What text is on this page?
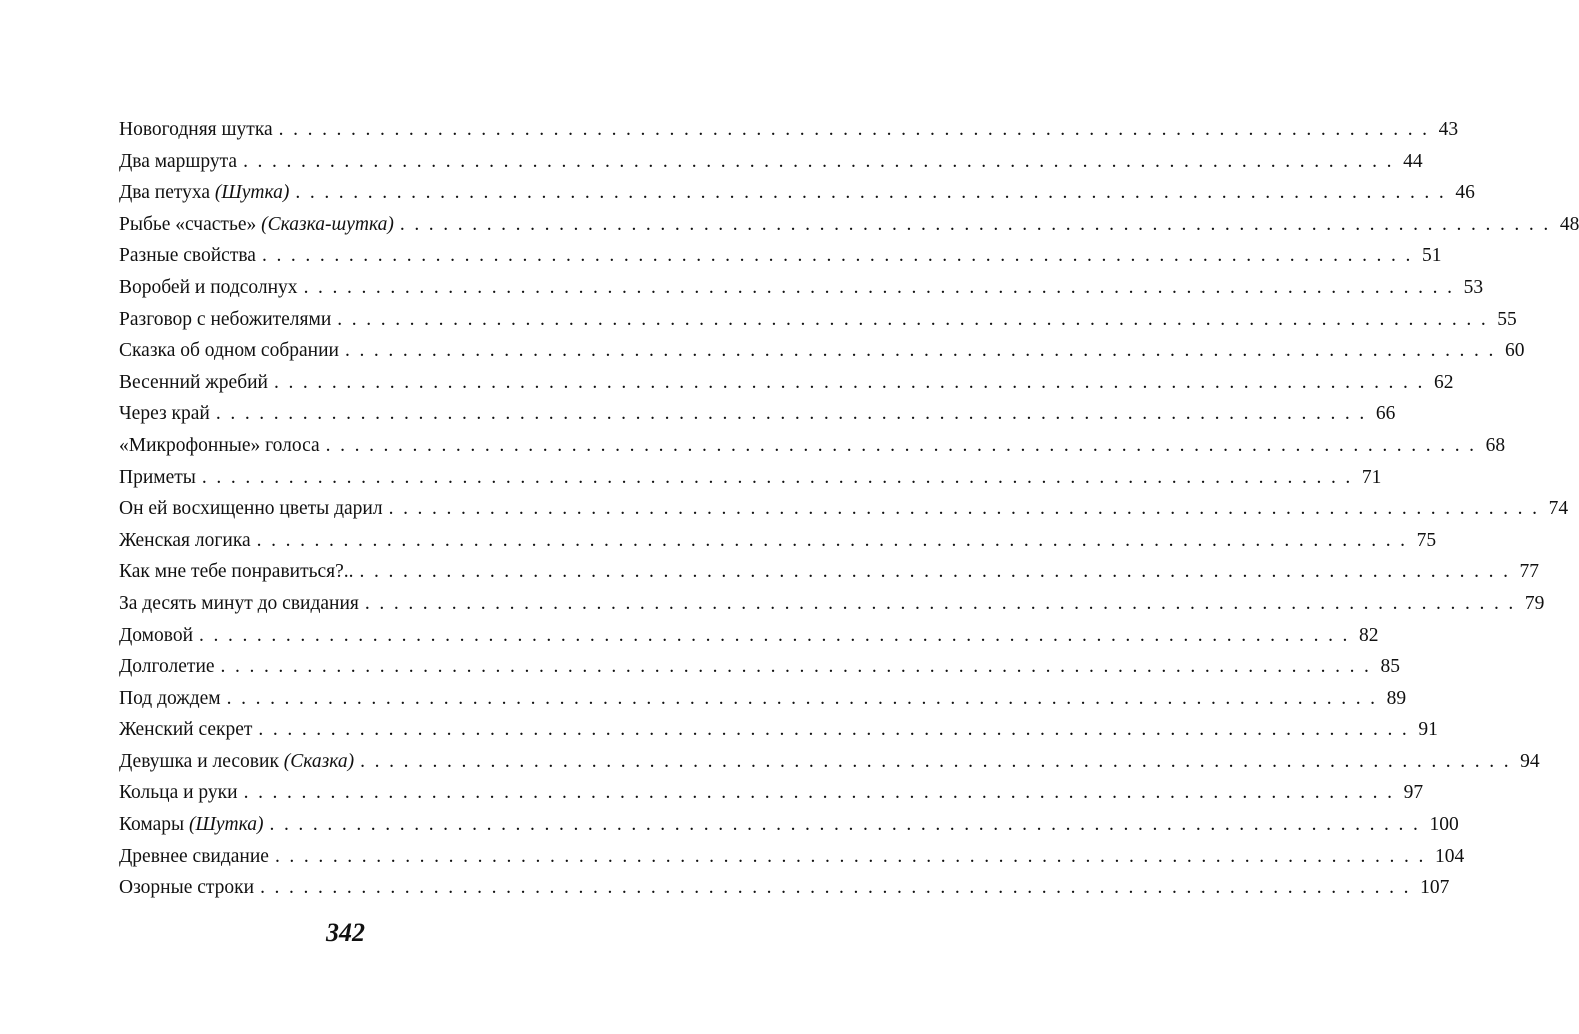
Новогодняя шутка ................................................................................ 43
Два маршрута ................................................................................ 44
Два петуха (Шутка) ................................................................................ 46
Рыбье «счастье» (Сказка-шутка) ................................................................................ 48
Разные свойства ................................................................................ 51
Воробей и подсолнух ................................................................................ 53
Разговор с небожителями ................................................................................ 55
Сказка об одном собрании ................................................................................ 60
Весенний жребий ................................................................................ 62
Через край ................................................................................ 66
«Микрофонные» голоса ................................................................................ 68
Приметы ................................................................................ 71
Он ей восхищенно цветы дарил ................................................................................ 74
Женская логика ................................................................................ 75
Как мне тебе понравиться?.. ................................................................................ 77
За десять минут до свидания ................................................................................ 79
Домовой ................................................................................ 82
Долголетие ................................................................................ 85
Под дождем ................................................................................ 89
Женский секрет ................................................................................ 91
Девушка и лесовик (Сказка) ................................................................................ 94
Кольца и руки ................................................................................ 97
Комары (Шутка) ................................................................................ 100
Древнее свидание ................................................................................ 104
Озорные строки ................................................................................ 107
342
